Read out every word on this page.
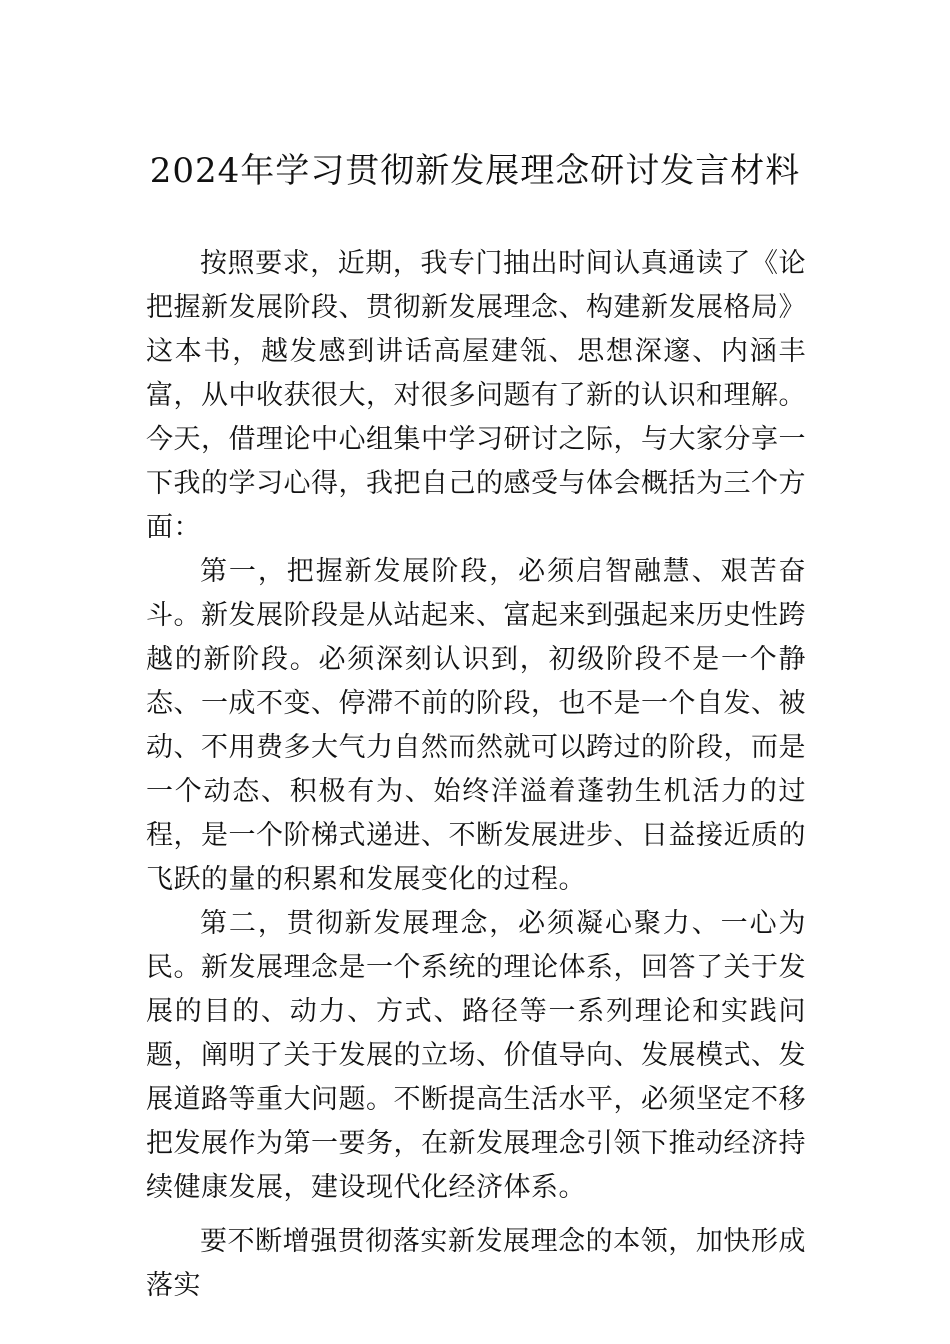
2024年学习贯彻新发展理念研讨发言材料

按照要求，近期，我专门抽出时间认真通读了《论把握新发展阶段、贯彻新发展理念、构建新发展格局》这本书，越发感到讲话高屋建瓴、思想深邃、内涵丰富，从中收获很大，对很多问题有了新的认识和理解。今天，借理论中心组集中学习研讨之际，与大家分享一下我的学习心得，我把自己的感受与体会概括为三个方面：

第一，把握新发展阶段，必须启智融慧、艰苦奋斗。新发展阶段是从站起来、富起来到强起来历史性跨越的新阶段。必须深刻认识到，初级阶段不是一个静态、一成不变、停滞不前的阶段，也不是一个自发、被动、不用费多大气力自然而然就可以跨过的阶段，而是一个动态、积极有为、始终洋溢着蓬勃生机活力的过程，是一个阶梯式递进、不断发展进步、日益接近质的飞跃的量的积累和发展变化的过程。

第二，贯彻新发展理念，必须凝心聚力、一心为民。新发展理念是一个系统的理论体系，回答了关于发展的目的、动力、方式、路径等一系列理论和实践问题，阐明了关于发展的立场、价值导向、发展模式、发展道路等重大问题。不断提高生活水平，必须坚定不移把发展作为第一要务，在新发展理念引领下推动经济持续健康发展，建设现代化经济体系。

要不断增强贯彻落实新发展理念的本领，加快形成落实
